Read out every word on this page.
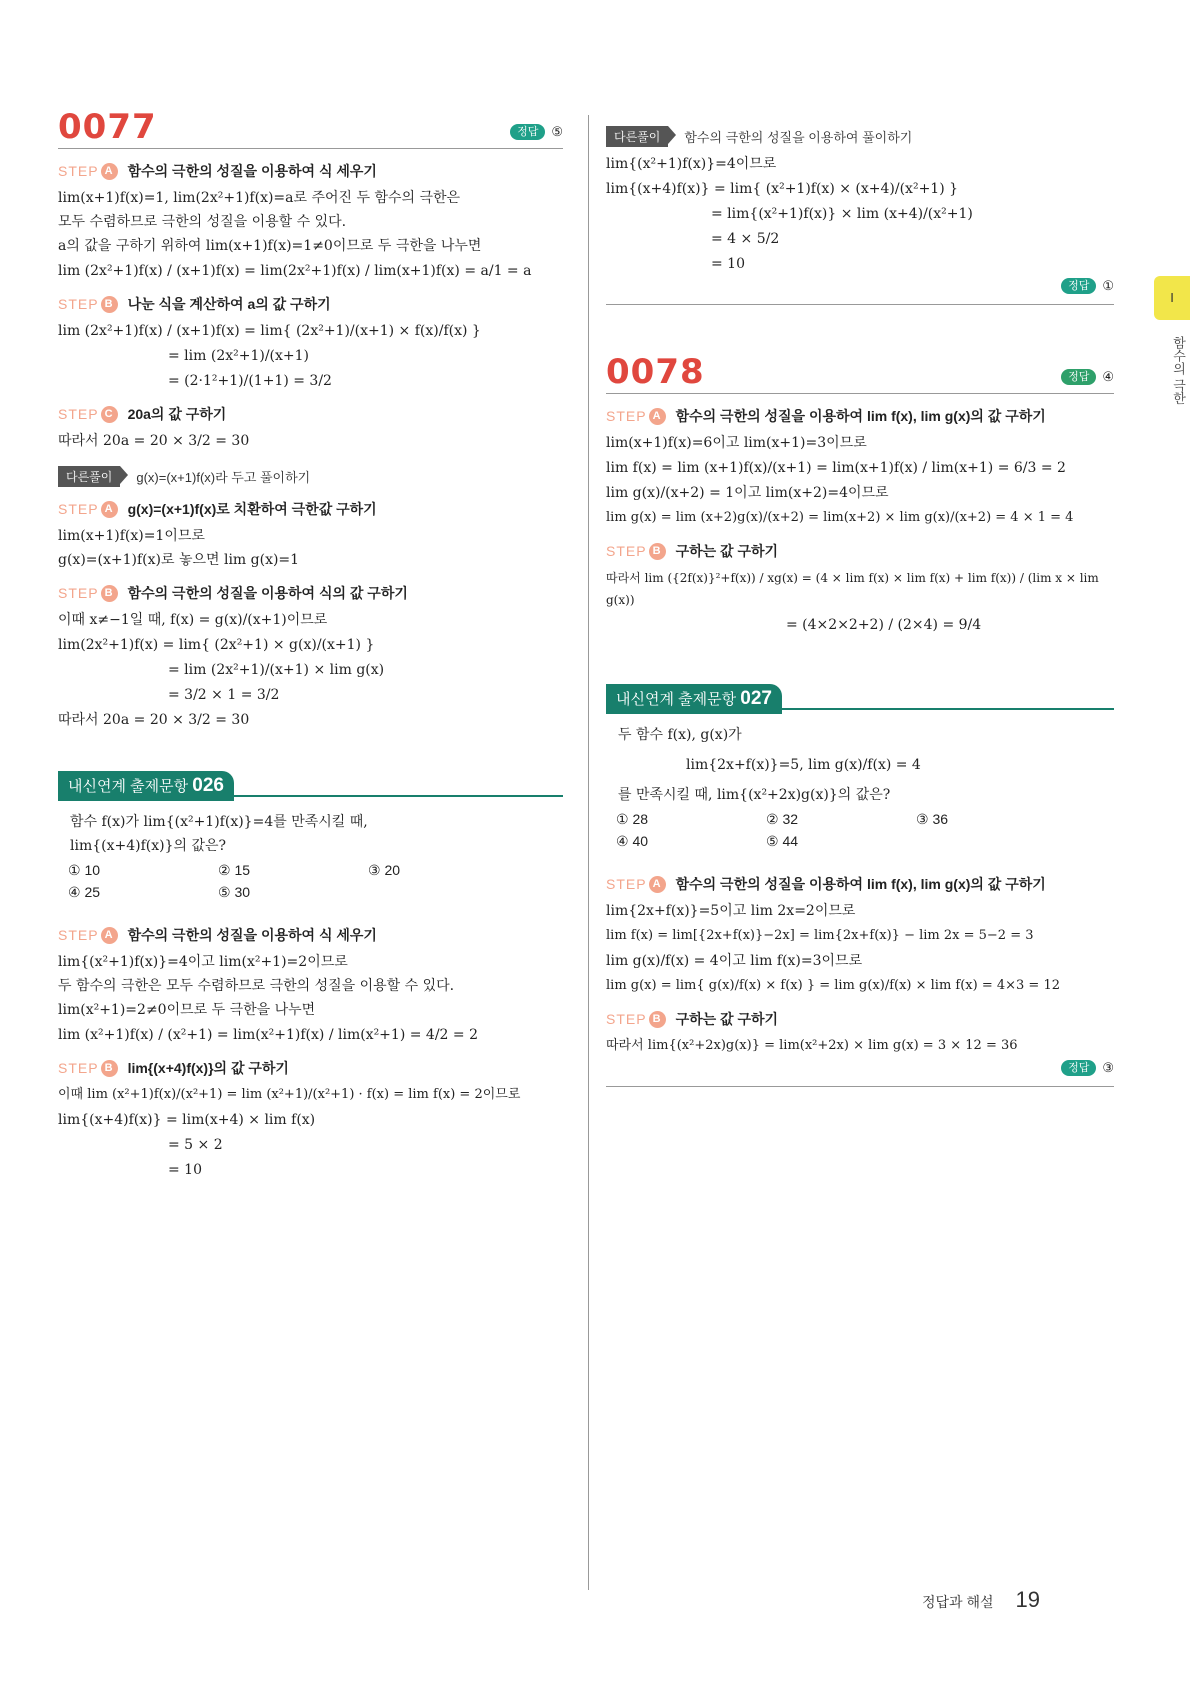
0077	정답	⑤
STEP A 함수의 극한의 성질을 이용하여 식 세우기
lim(x+1)f(x)=1, lim(2x²+1)f(x)=a로 주어진 두 함수의 극한은
모두 수렴하므로 극한의 성질을 이용할 수 있다.
a의 값을 구하기 위하여 lim(x+1)f(x)=1≠0이므로 두 극한을 나누면
lim (2x²+1)f(x) / (x+1)f(x) = lim(2x²+1)f(x) / lim(x+1)f(x) = a/1 = a
STEP B 나눈 식을 계산하여 a의 값 구하기
lim (2x²+1)f(x) / (x+1)f(x) = lim{ (2x²+1)/(x+1) × f(x)/f(x) }
= lim (2x²+1)/(x+1)
= (2·1²+1)/(1+1) = 3/2
STEP C 20a의 값 구하기
따라서 20a = 20 × 3/2 = 30
다른풀이	g(x)=(x+1)f(x)라 두고 풀이하기
STEP A g(x)=(x+1)f(x)로 치환하여 극한값 구하기
lim(x+1)f(x)=1이므로
g(x)=(x+1)f(x)로 놓으면 lim g(x)=1
STEP B 함수의 극한의 성질을 이용하여 식의 값 구하기
이때 x≠−1일 때, f(x) = g(x)/(x+1)이므로
lim(2x²+1)f(x) = lim{ (2x²+1) × g(x)/(x+1) }
= lim (2x²+1)/(x+1) × lim g(x)
= 3/2 × 1 = 3/2
따라서 20a = 20 × 3/2 = 30
내신연계 출제문항 026
함수 f(x)가 lim{(x²+1)f(x)}=4를 만족시킬 때,
lim{(x+4)f(x)}의 값은?
① 10	② 15	③ 20
④ 25	⑤ 30
STEP A 함수의 극한의 성질을 이용하여 식 세우기
lim{(x²+1)f(x)}=4이고 lim(x²+1)=2이므로
두 함수의 극한은 모두 수렴하므로 극한의 성질을 이용할 수 있다.
lim(x²+1)=2≠0이므로 두 극한을 나누면
lim (x²+1)f(x) / (x²+1) = lim(x²+1)f(x) / lim(x²+1) = 4/2 = 2
STEP B lim{(x+4)f(x)}의 값 구하기
이때 lim (x²+1)f(x)/(x²+1) = lim (x²+1)/(x²+1) · f(x) = lim f(x) = 2이므로
lim{(x+4)f(x)} = lim(x+4) × lim f(x)
= 5 × 2
= 10
다른풀이	함수의 극한의 성질을 이용하여 풀이하기
lim{(x²+1)f(x)}=4이므로
lim{(x+4)f(x)} = lim{ (x²+1)f(x) × (x+4)/(x²+1) }
= lim{(x²+1)f(x)} × lim (x+4)/(x²+1)
= 4 × 5/2
= 10
정답	①
0078	정답	④
STEP A 함수의 극한의 성질을 이용하여 lim f(x), lim g(x)의 값 구하기
lim(x+1)f(x)=6이고 lim(x+1)=3이므로
lim f(x) = lim (x+1)f(x)/(x+1) = lim(x+1)f(x) / lim(x+1) = 6/3 = 2
lim g(x)/(x+2) = 1이고 lim(x+2)=4이므로
lim g(x) = lim (x+2)g(x)/(x+2) = lim(x+2) × lim g(x)/(x+2) = 4 × 1 = 4
STEP B 구하는 값 구하기
따라서 lim ({2f(x)}²+f(x)) / xg(x) = (4 × lim f(x) × lim f(x) + lim f(x)) / (lim x × lim g(x))
= (4×2×2+2) / (2×4) = 9/4
내신연계 출제문항 027
두 함수 f(x), g(x)가
lim{2x+f(x)}=5, lim g(x)/f(x) = 4
를 만족시킬 때, lim{(x²+2x)g(x)}의 값은?
① 28	② 32	③ 36
④ 40	⑤ 44
STEP A 함수의 극한의 성질을 이용하여 lim f(x), lim g(x)의 값 구하기
lim{2x+f(x)}=5이고 lim 2x=2이므로
lim f(x) = lim[{2x+f(x)}−2x] = lim{2x+f(x)} − lim 2x = 5−2 = 3
lim g(x)/f(x) = 4이고 lim f(x)=3이므로
lim g(x) = lim{ g(x)/f(x) × f(x) } = lim g(x)/f(x) × lim f(x) = 4×3 = 12
STEP B 구하는 값 구하기
따라서 lim{(x²+2x)g(x)} = lim(x²+2x) × lim g(x) = 3 × 12 = 36
정답	③
I
함수의 극한
정답과 해설 19
